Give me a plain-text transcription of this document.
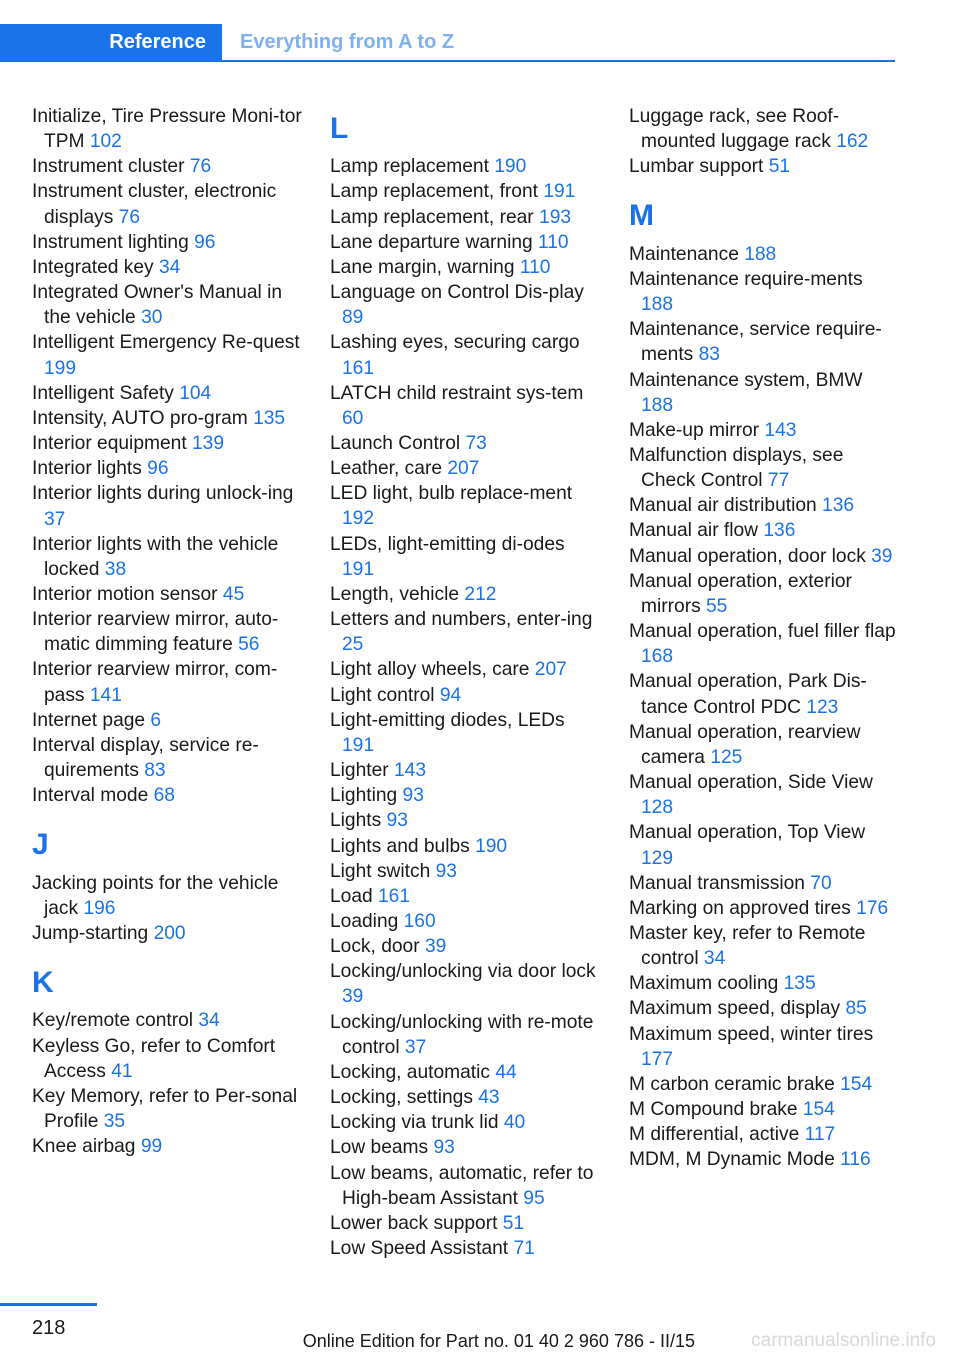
Reference	Everything from A to Z
Initialize, Tire Pressure Moni-tor TPM 102
Instrument cluster 76
Instrument cluster, electronic displays 76
Instrument lighting 96
Integrated key 34
Integrated Owner's Manual in the vehicle 30
Intelligent Emergency Re-quest 199
Intelligent Safety 104
Intensity, AUTO pro-gram 135
Interior equipment 139
Interior lights 96
Interior lights during unlock-ing 37
Interior lights with the vehicle locked 38
Interior motion sensor 45
Interior rearview mirror, auto-matic dimming feature 56
Interior rearview mirror, com-pass 141
Internet page 6
Interval display, service re-quirements 83
Interval mode 68
J
Jacking points for the vehicle jack 196
Jump-starting 200
K
Key/remote control 34
Keyless Go, refer to Comfort Access 41
Key Memory, refer to Per-sonal Profile 35
Knee airbag 99
L
Lamp replacement 190
Lamp replacement, front 191
Lamp replacement, rear 193
Lane departure warning 110
Lane margin, warning 110
Language on Control Dis-play 89
Lashing eyes, securing cargo 161
LATCH child restraint sys-tem 60
Launch Control 73
Leather, care 207
LED light, bulb replace-ment 192
LEDs, light-emitting di-odes 191
Length, vehicle 212
Letters and numbers, enter-ing 25
Light alloy wheels, care 207
Light control 94
Light-emitting diodes, LEDs 191
Lighter 143
Lighting 93
Lights 93
Lights and bulbs 190
Light switch 93
Load 161
Loading 160
Lock, door 39
Locking/unlocking via door lock 39
Locking/unlocking with re-mote control 37
Locking, automatic 44
Locking, settings 43
Locking via trunk lid 40
Low beams 93
Low beams, automatic, refer to High-beam Assistant 95
Lower back support 51
Low Speed Assistant 71
Luggage rack, see Roof-mounted luggage rack 162
Lumbar support 51
M
Maintenance 188
Maintenance require-ments 188
Maintenance, service require-ments 83
Maintenance system, BMW 188
Make-up mirror 143
Malfunction displays, see Check Control 77
Manual air distribution 136
Manual air flow 136
Manual operation, door lock 39
Manual operation, exterior mirrors 55
Manual operation, fuel filler flap 168
Manual operation, Park Dis-tance Control PDC 123
Manual operation, rearview camera 125
Manual operation, Side View 128
Manual operation, Top View 129
Manual transmission 70
Marking on approved tires 176
Master key, refer to Remote control 34
Maximum cooling 135
Maximum speed, display 85
Maximum speed, winter tires 177
M carbon ceramic brake 154
M Compound brake 154
M differential, active 117
MDM, M Dynamic Mode 116
218
Online Edition for Part no. 01 40 2 960 786 - II/15	carmanualsonline.info
